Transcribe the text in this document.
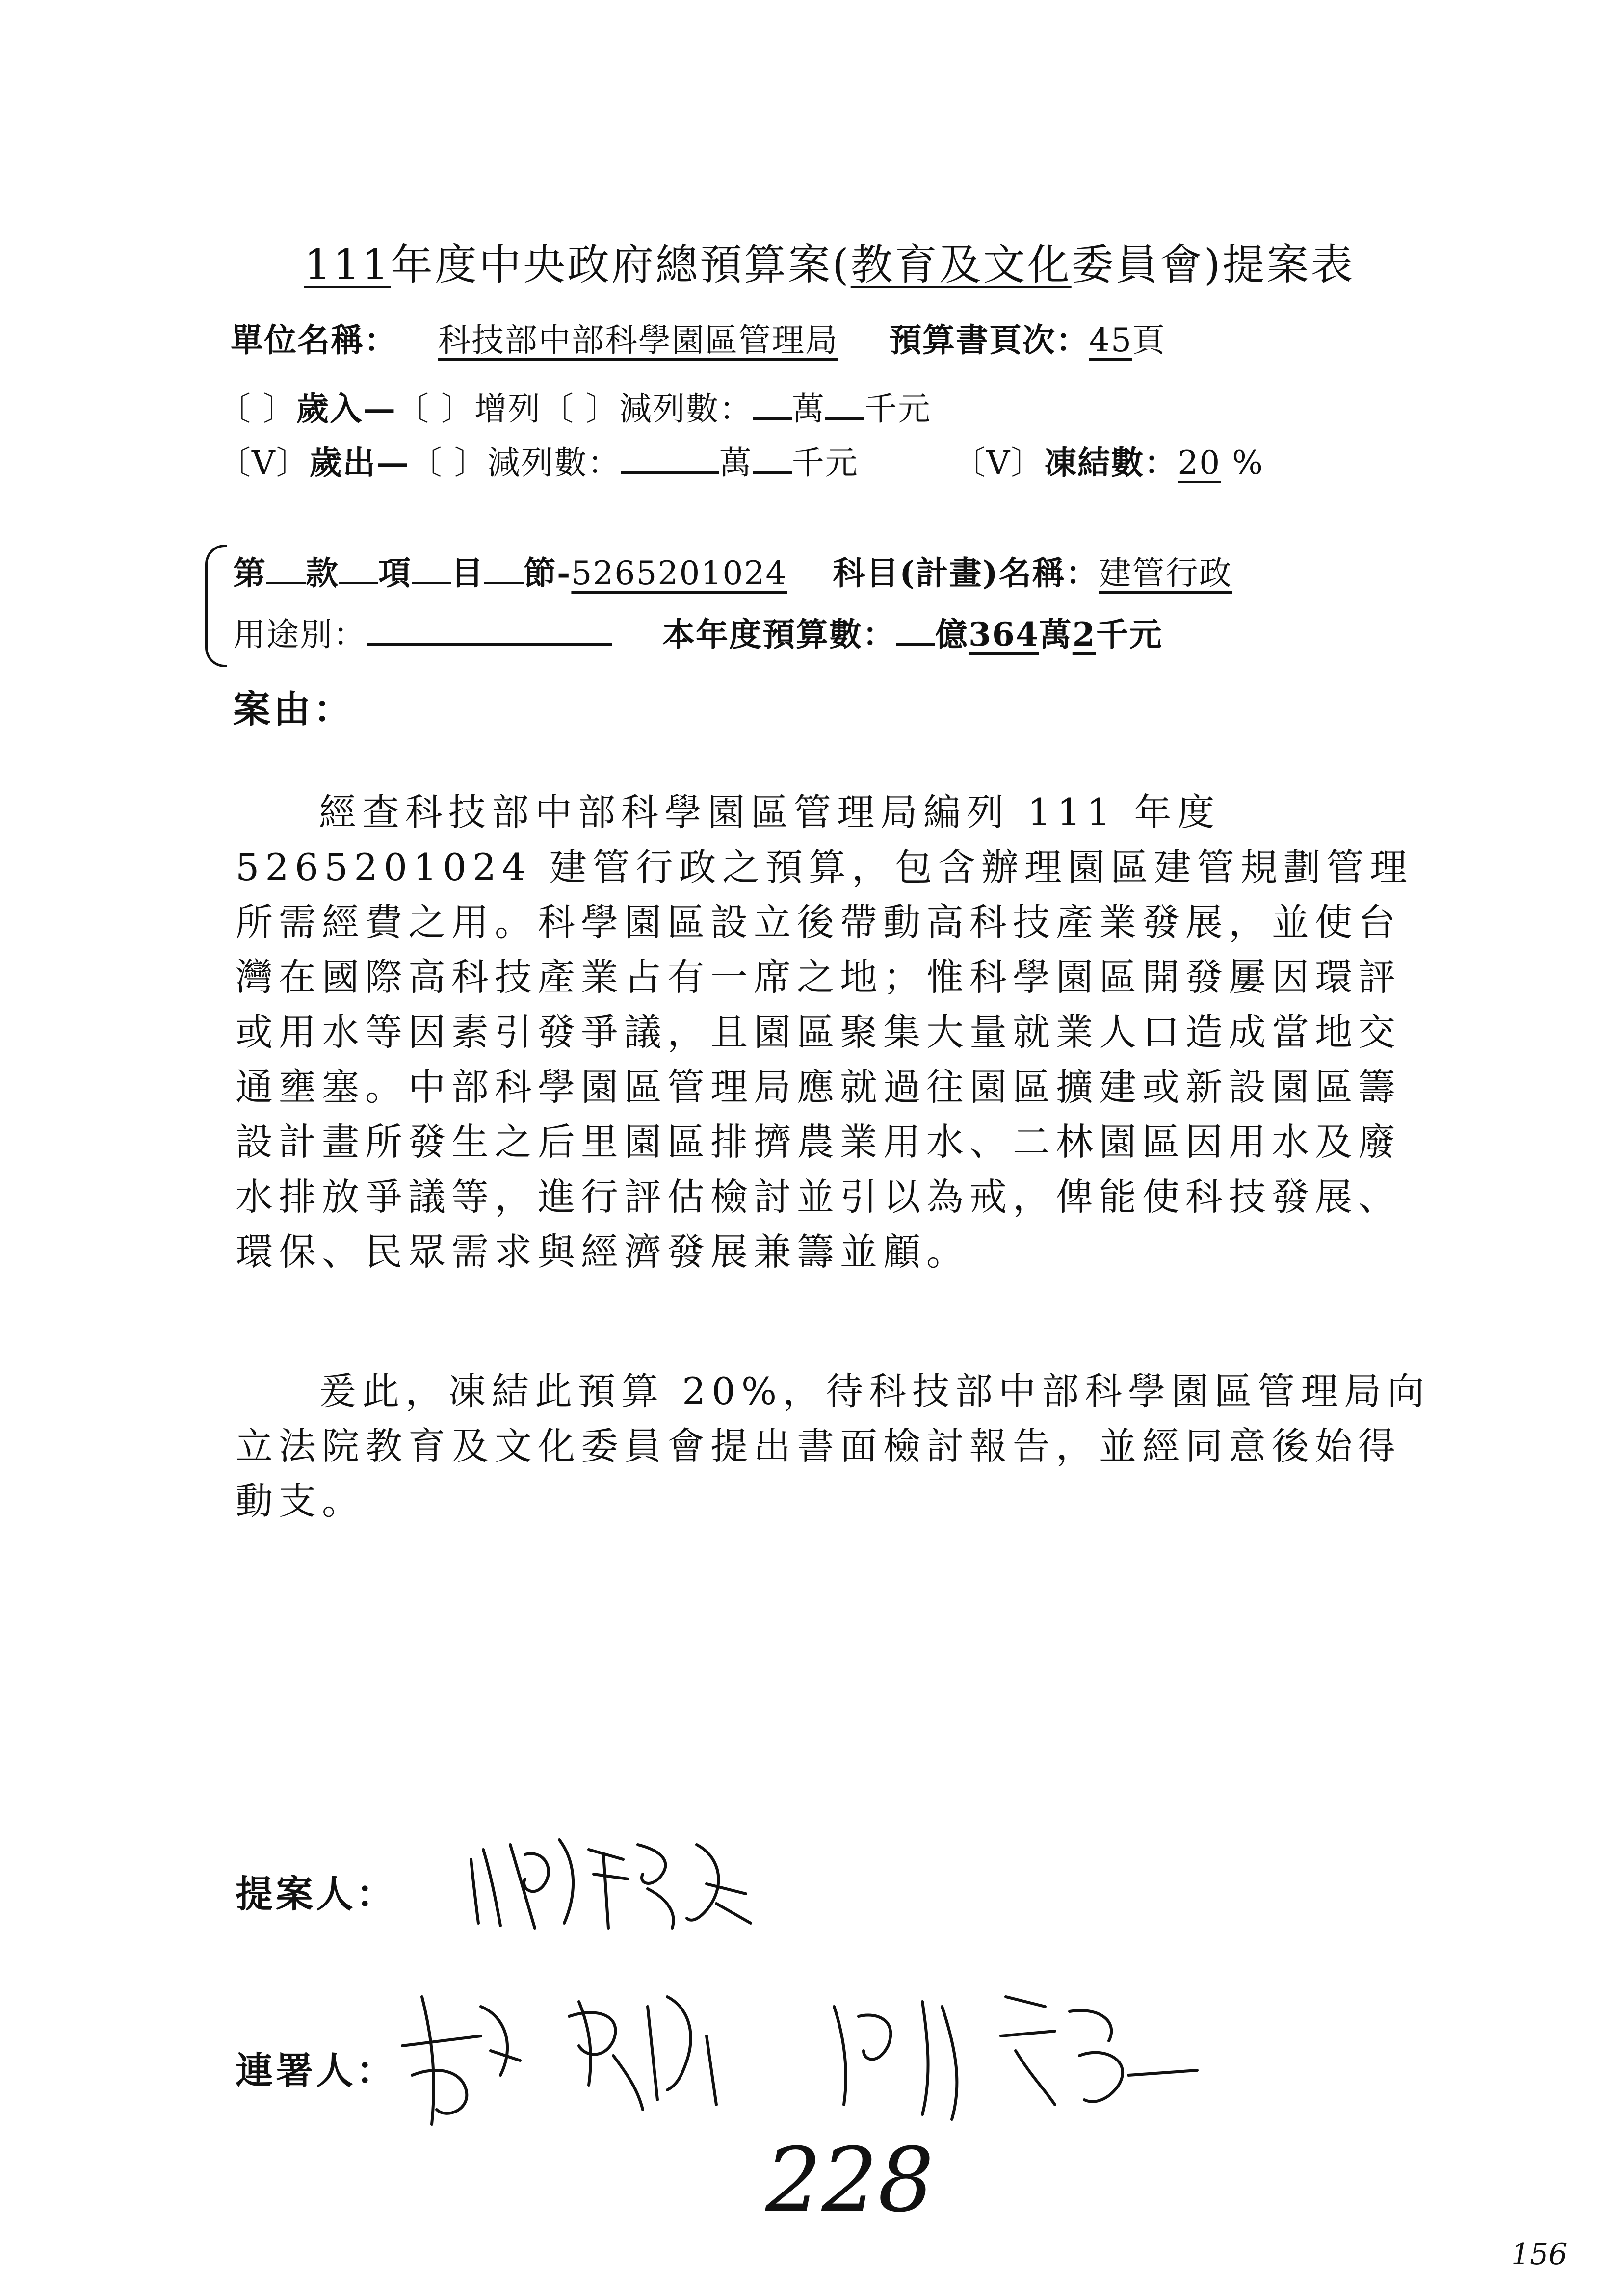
111年度中央政府總預算案(教育及文化委員會)提案表
單位名稱： 科技部中部科學園區管理局 預算書頁次：45頁
〔 〕歲入—〔 〕增列〔 〕減列數： 萬 千元
〔V〕歲出—〔 〕減列數：	萬 千元	〔V〕凍結數：20 %
第 款 項 目 節-5265201024 科目(計畫)名稱：建管行政
用途別：	本年度預算數： 億364萬2千元
案由：

經查科技部中部科學園區管理局編列 111 年度 5265201024 建管行政之預算，包含辦理園區建管規劃管理所需經費之用。科學園區設立後帶動高科技產業發展，並使台灣在國際高科技產業占有一席之地；惟科學園區開發屢因環評或用水等因素引發爭議，且園區聚集大量就業人口造成當地交通壅塞。中部科學園區管理局應就過往園區擴建或新設園區籌設計畫所發生之后里園區排擠農業用水、二林園區因用水及廢水排放爭議等，進行評估檢討並引以為戒，俾能使科技發展、環保、民眾需求與經濟發展兼籌並顧。

爰此，凍結此預算 20%，待科技部中部科學園區管理局向立法院教育及文化委員會提出書面檢討報告，並經同意後始得動支。

提案人：
連署人：
228
156
